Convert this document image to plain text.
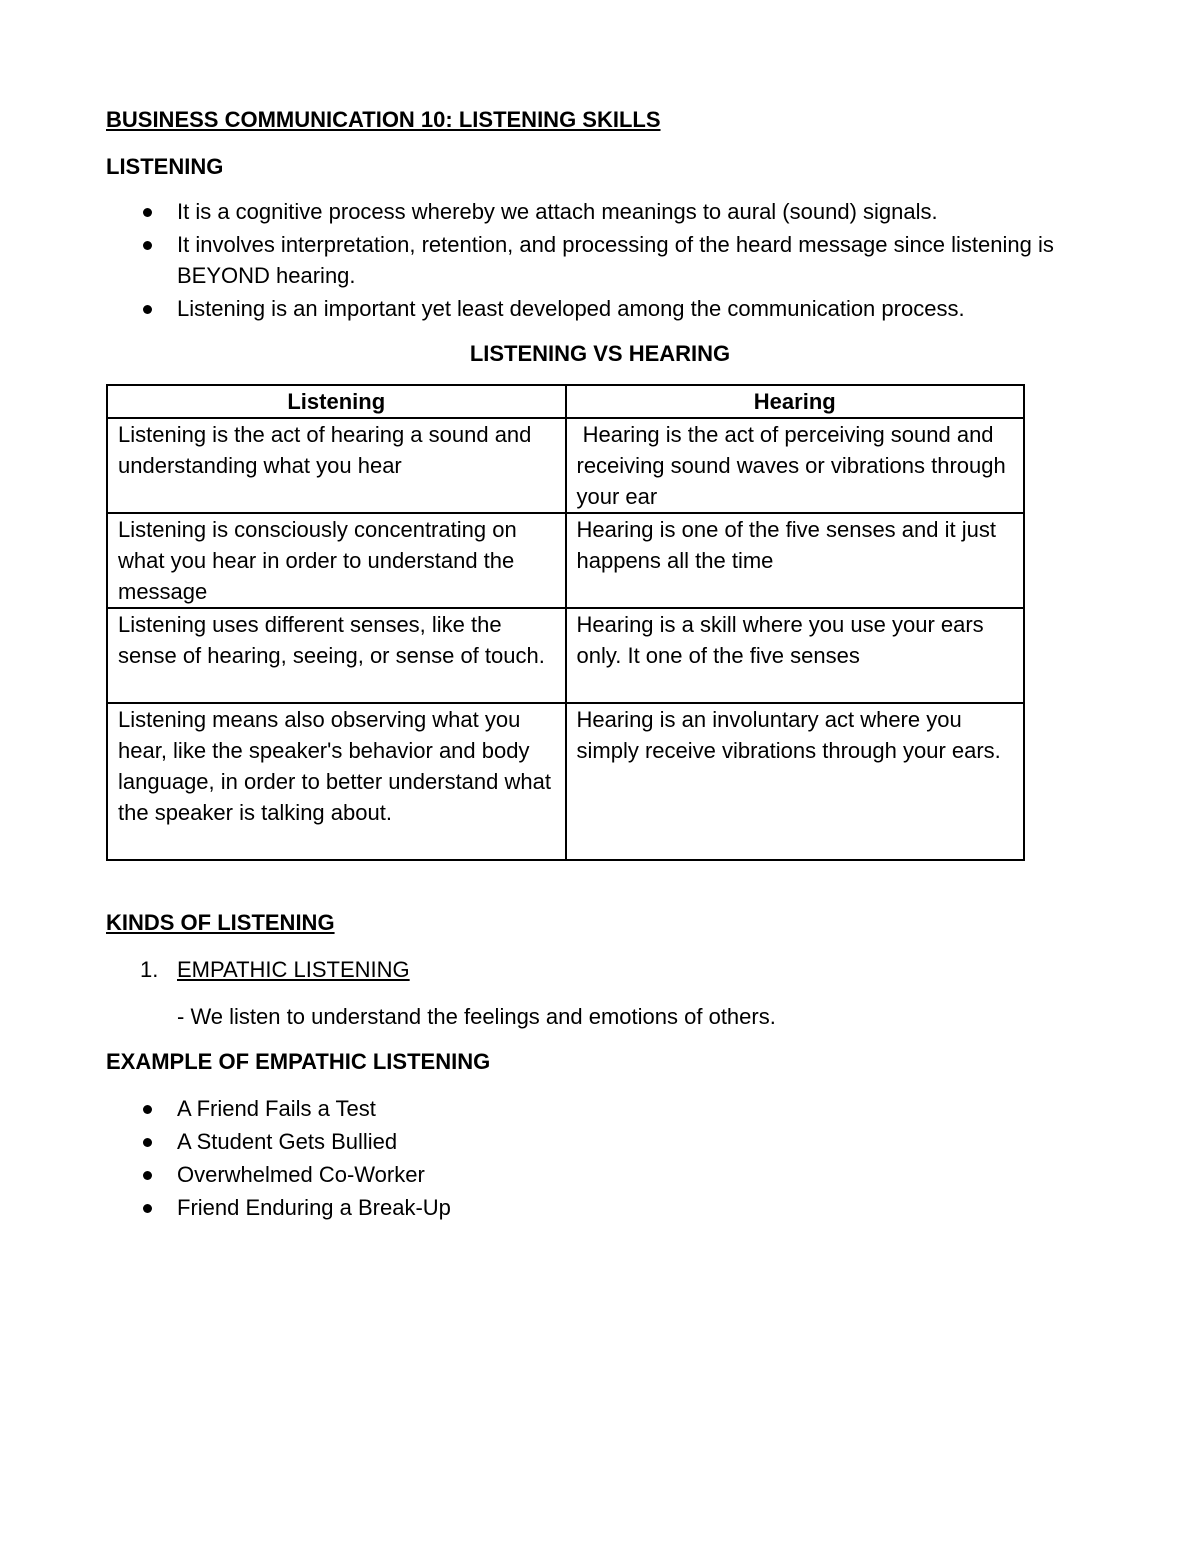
BUSINESS COMMUNICATION 10: LISTENING SKILLS

LISTENING

It is a cognitive process whereby we attach meanings to aural (sound) signals.
It involves interpretation, retention, and processing of the heard message since listening is BEYOND hearing.
Listening is an important yet least developed among the communication process.

LISTENING VS HEARING

Listening	Hearing
Listening is the act of hearing a sound and understanding what you hear	Hearing is the act of perceiving sound and receiving sound waves or vibrations through your ear
Listening is consciously concentrating on what you hear in order to understand the message	Hearing is one of the five senses and it just happens all the time
Listening uses different senses, like the sense of hearing, seeing, or sense of touch.	Hearing is a skill where you use your ears only. It one of the five senses
Listening means also observing what you hear, like the speaker's behavior and body language, in order to better understand what the speaker is talking about.	Hearing is an involuntary act where you simply receive vibrations through your ears.

KINDS OF LISTENING

1. EMPATHIC LISTENING

- We listen to understand the feelings and emotions of others.

EXAMPLE OF EMPATHIC LISTENING

A Friend Fails a Test
A Student Gets Bullied
Overwhelmed Co-Worker
Friend Enduring a Break-Up
